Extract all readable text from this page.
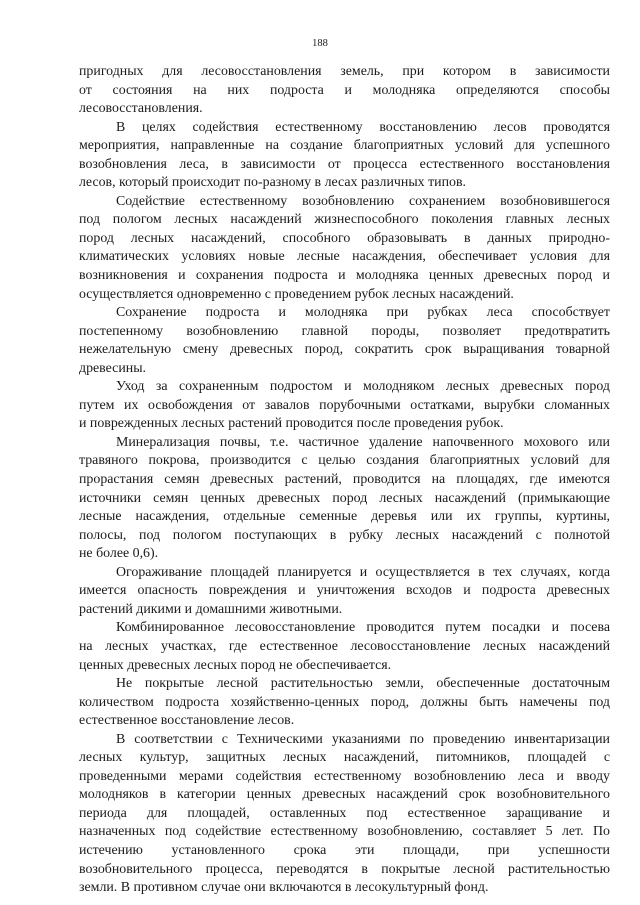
188
пригодных для лесовосстановления земель, при котором в зависимости
от состояния на них подроста и молодняка определяются способы
лесовосстановления.
В целях содействия естественному восстановлению лесов проводятся
мероприятия, направленные на создание благоприятных условий для успешного
возобновления леса, в зависимости от процесса естественного восстановления
лесов, который происходит по-разному в лесах различных типов.
Содействие естественному возобновлению сохранением возобновившегося
под пологом лесных насаждений жизнеспособного поколения главных лесных
пород лесных насаждений, способного образовывать в данных природно-
климатических условиях новые лесные насаждения, обеспечивает условия для
возникновения и сохранения подроста и молодняка ценных древесных пород и
осуществляется одновременно с проведением рубок лесных насаждений.
Сохранение подроста и молодняка при рубках леса способствует
постепенному возобновлению главной породы, позволяет предотвратить
нежелательную смену древесных пород, сократить срок выращивания товарной
древесины.
Уход за сохраненным подростом и молодняком лесных древесных пород
путем их освобождения от завалов порубочными остатками, вырубки сломанных
и поврежденных лесных растений проводится после проведения рубок.
Минерализация почвы, т.е. частичное удаление напочвенного мохового или
травяного покрова, производится с целью создания благоприятных условий для
прорастания семян древесных растений, проводится на площадях, где имеются
источники семян ценных древесных пород лесных насаждений (примыкающие
лесные насаждения, отдельные семенные деревья или их группы, куртины,
полосы, под пологом поступающих в рубку лесных насаждений с полнотой
не более 0,6).
Огораживание площадей планируется и осуществляется в тех случаях, когда
имеется опасность повреждения и уничтожения всходов и подроста древесных
растений дикими и домашними животными.
Комбинированное лесовосстановление проводится путем посадки и посева
на лесных участках, где естественное лесовосстановление лесных насаждений
ценных древесных лесных пород не обеспечивается.
Не покрытые лесной растительностью земли, обеспеченные достаточным
количеством подроста хозяйственно-ценных пород, должны быть намечены под
естественное восстановление лесов.
В соответствии с Техническими указаниями по проведению инвентаризации
лесных культур, защитных лесных насаждений, питомников, площадей с
проведенными мерами содействия естественному возобновлению леса и вводу
молодняков в категории ценных древесных насаждений срок возобновительного
периода для площадей, оставленных под естественное заращивание и
назначенных под содействие естественному возобновлению, составляет 5 лет. По
истечению установленного срока эти площади, при успешности
возобновительного процесса, переводятся в покрытые лесной растительностью
земли. В противном случае они включаются в лесокультурный фонд.
